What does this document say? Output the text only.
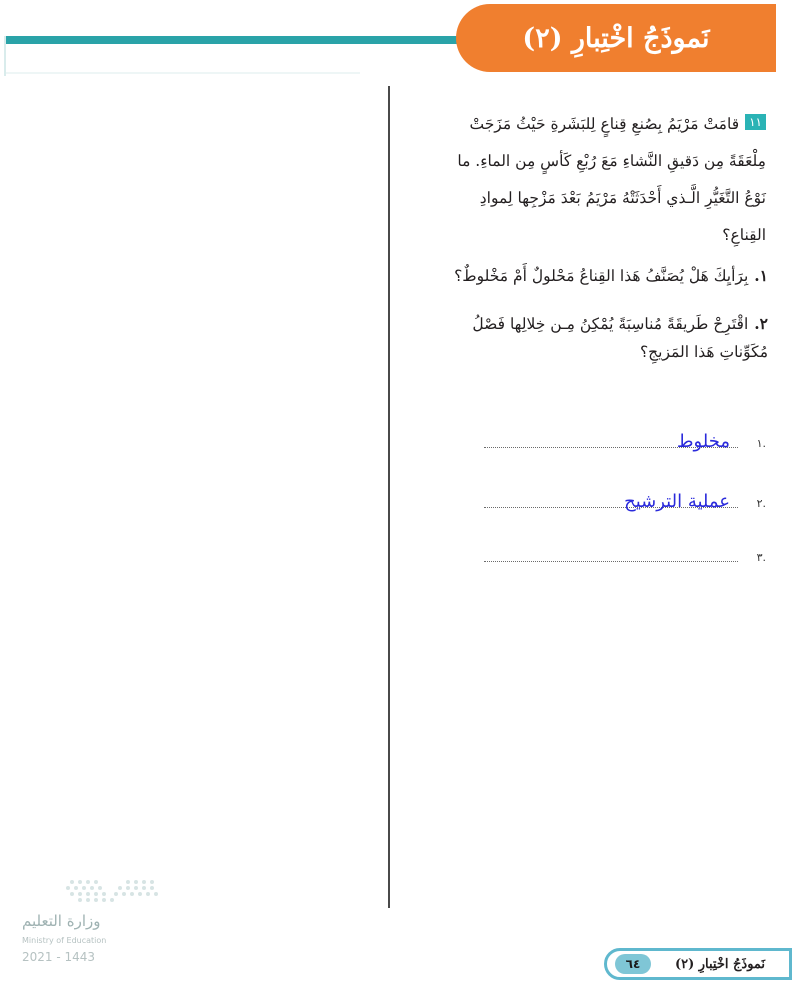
نَموذَجُ اخْتِبارِ (٢)
١١قامَتْ مَرْيَمُ بِصُنعِ قِناعٍ لِلبَشَرةِ حَيْثُ مَزَجَتْ مِلْعَقَةً مِن دَقيقِ النَّشاءِ مَعَ رُبْعِ كَأسٍ مِن الماءِ. ما نَوْعُ التَّغَيُّرِ الَّـذي أَحْدَثَتْهُ مَرْيَمُ بَعْدَ مَزْجِها لِموادِ القِناعِ؟
١.بِرَأيِكَ هَلْ يُصَنَّفُ هَذا القِناعُ مَحْلولٌ أَمْ مَخْلوطٌ؟
٢.اقْتَرِحْ طَريقَةً مُناسِبَةً يُمْكِنُ مِـن خِلالِها فَصْلُ مُكَوِّناتِ هَذا المَزيجِ؟
مخلوط .١
عملية الترشيح .٢
.٣
وزارة التعليم
Ministry of Education
2021 - 1443	٦٤	نَموذَجُ اخْتِبارِ (٢)
